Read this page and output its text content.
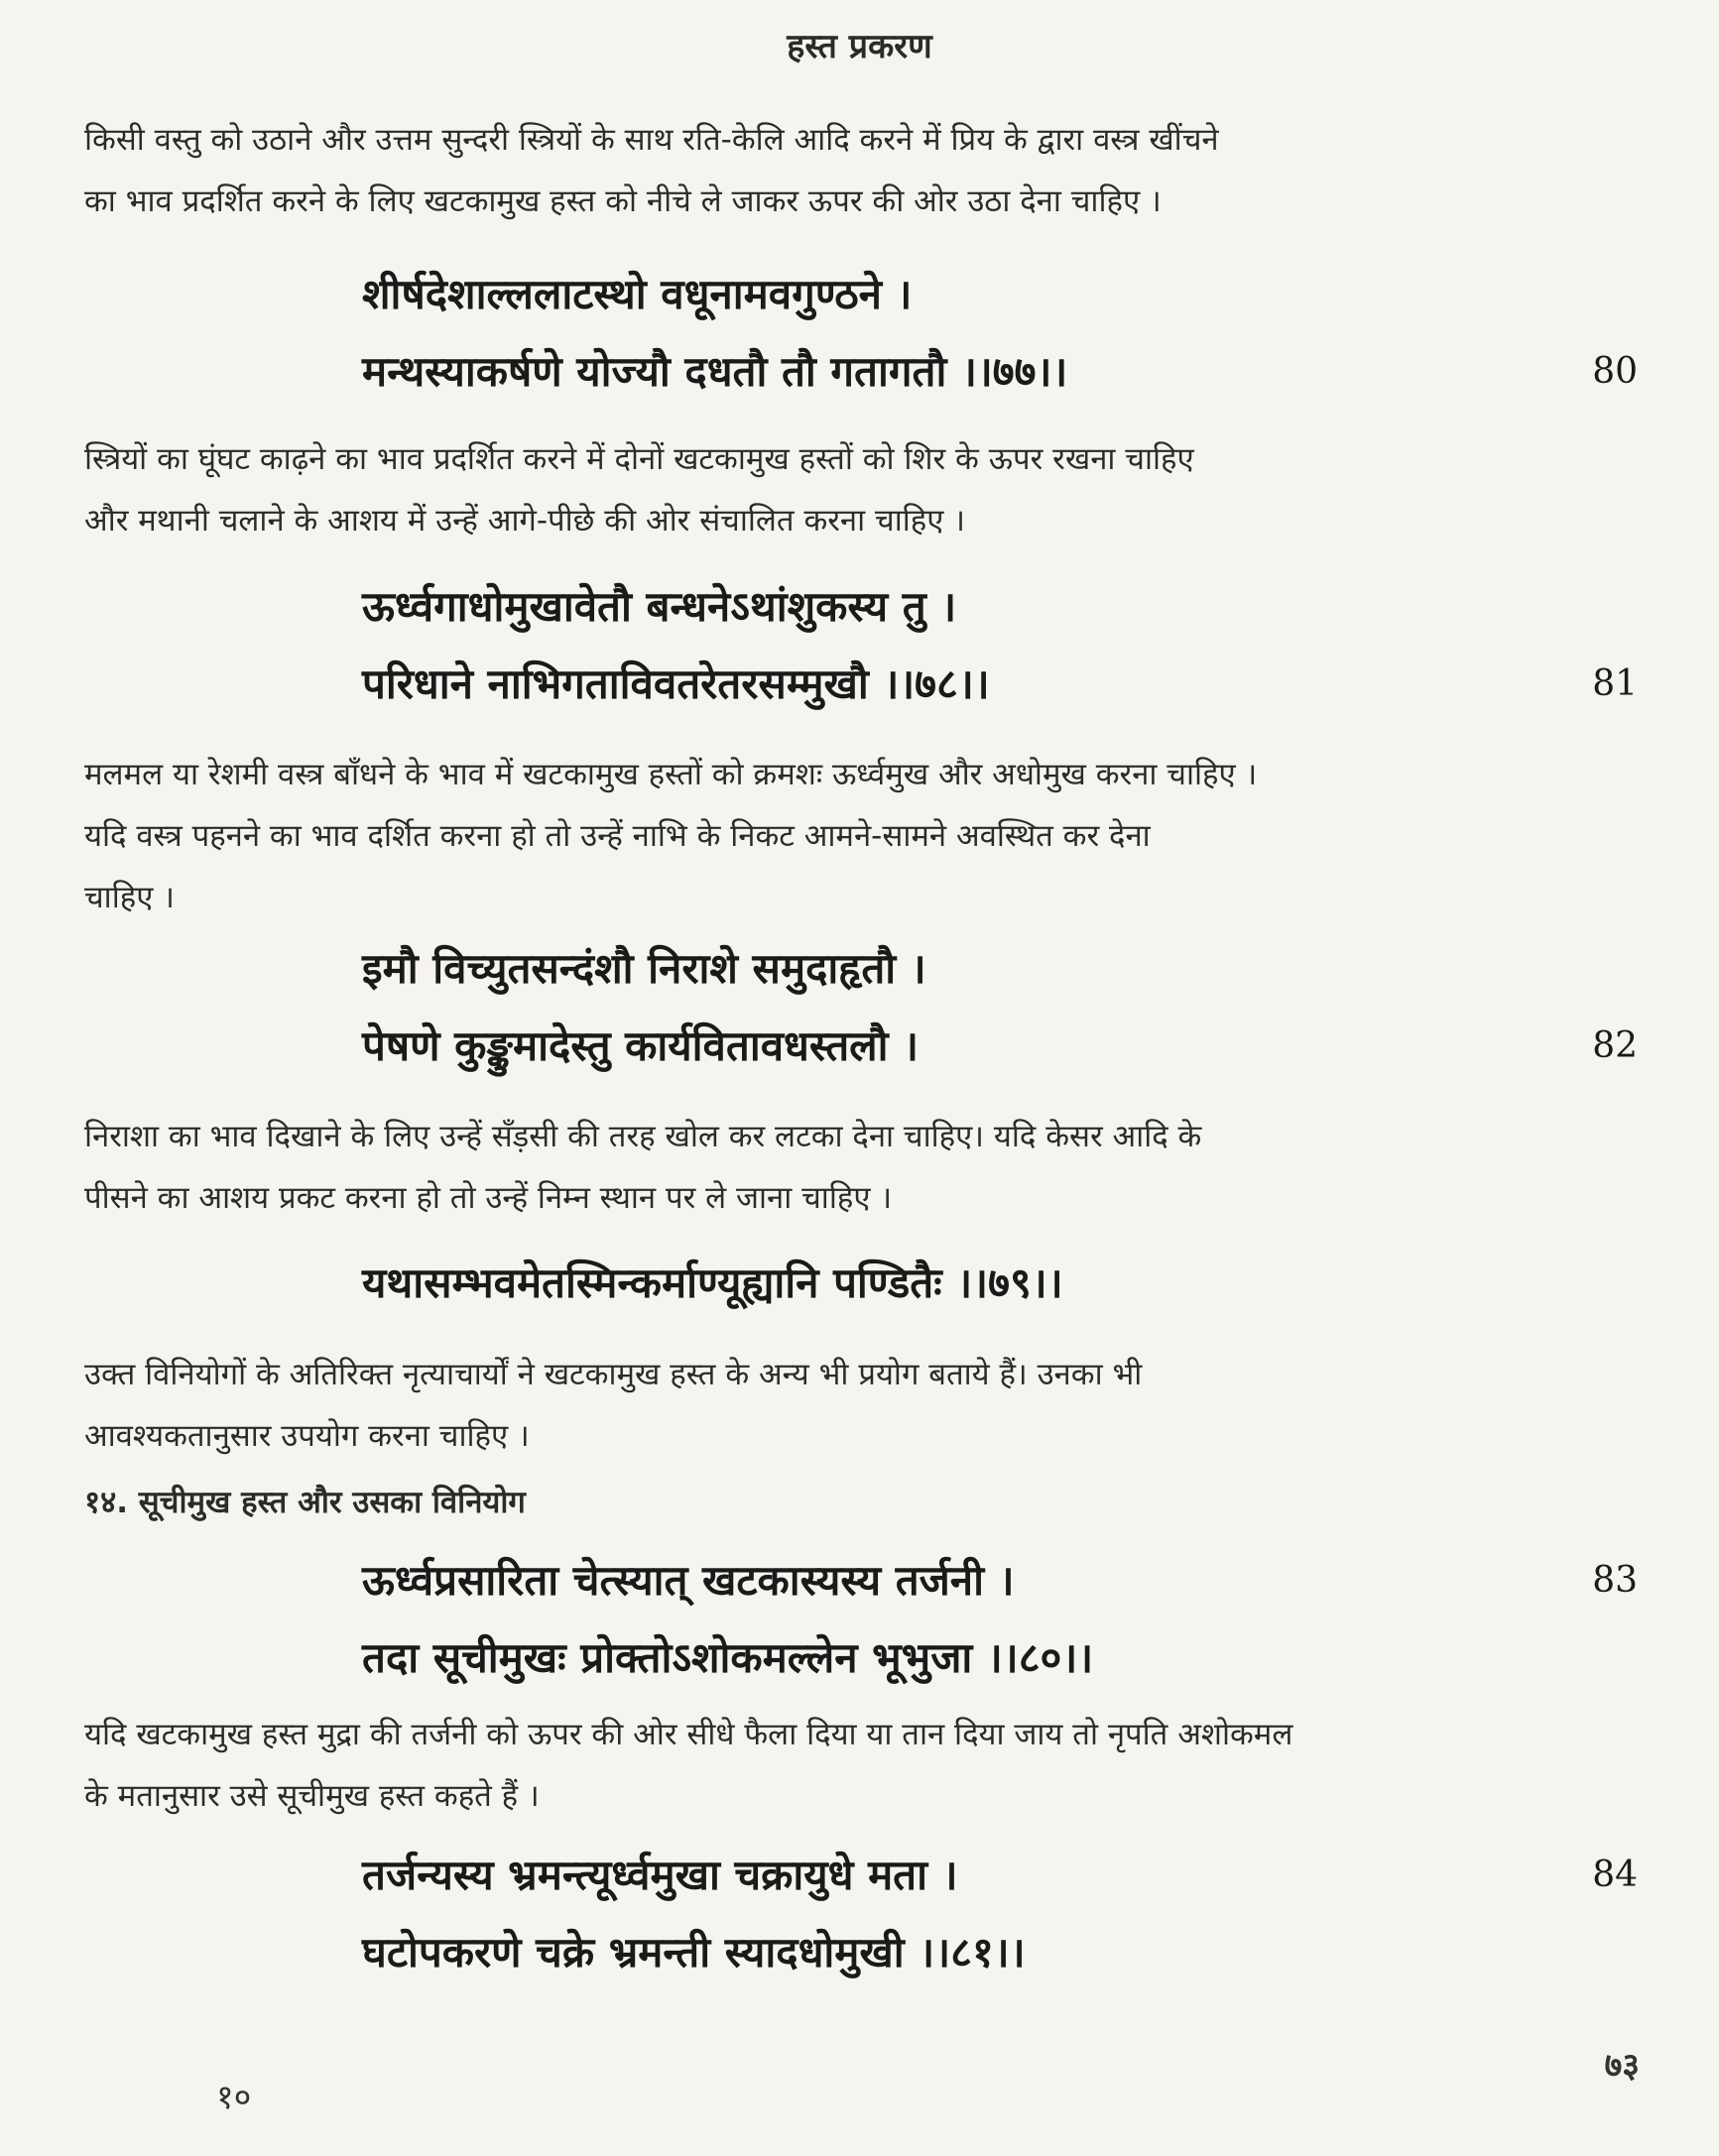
हस्त प्रकरण
किसी वस्तु को उठाने और उत्तम सुन्दरी स्त्रियों के साथ रति-केलि आदि करने में प्रिय के द्वारा वस्त्र खींचने
का भाव प्रदर्शित करने के लिए खटकामुख हस्त को नीचे ले जाकर ऊपर की ओर उठा देना चाहिए ।
शीर्षदेशाल्ललाटस्थो वधूनामवगुण्ठने ।
मन्थस्याकर्षणे योज्यौ दधतौ तौ गतागतौ ।।७७।।	80
स्त्रियों का घूंघट काढ़ने का भाव प्रदर्शित करने में दोनों खटकामुख हस्तों को शिर के ऊपर रखना चाहिए
और मथानी चलाने के आशय में उन्हें आगे-पीछे की ओर संचालित करना चाहिए ।
ऊर्ध्वगाधोमुखावेतौ बन्धनेऽथांशुकस्य तु ।
परिधाने नाभिगताविवतरेतरसम्मुखौ ।।७८।।	81
मलमल या रेशमी वस्त्र बाँधने के भाव में खटकामुख हस्तों को क्रमशः ऊर्ध्वमुख और अधोमुख करना चाहिए ।
यदि वस्त्र पहनने का भाव दर्शित करना हो तो उन्हें नाभि के निकट आमने-सामने अवस्थित कर देना
चाहिए ।
इमौ विच्युतसन्दंशौ निराशे समुदाहृतौ ।
पेषणे कुङ्कुमादेस्तु कार्यवितावधस्तलौ ।	82
निराशा का भाव दिखाने के लिए उन्हें सँड़सी की तरह खोल कर लटका देना चाहिए। यदि केसर आदि के
पीसने का आशय प्रकट करना हो तो उन्हें निम्न स्थान पर ले जाना चाहिए ।
यथासम्भवमेतस्मिन्कर्माण्यूह्यानि पण्डितैः ।।७९।।
उक्त विनियोगों के अतिरिक्त नृत्याचार्यों ने खटकामुख हस्त के अन्य भी प्रयोग बताये हैं। उनका भी
आवश्यकतानुसार उपयोग करना चाहिए ।
१४. सूचीमुख हस्त और उसका विनियोग
ऊर्ध्वप्रसारिता चेत्स्यात् खटकास्यस्य तर्जनी ।	83
तदा सूचीमुखः प्रोक्तोऽशोकमल्लेन भूभुजा ।।८०।।
यदि खटकामुख हस्त मुद्रा की तर्जनी को ऊपर की ओर सीधे फैला दिया या तान दिया जाय तो नृपति अशोकमल
के मतानुसार उसे सूचीमुख हस्त कहते हैं ।
तर्जन्यस्य भ्रमन्त्यूर्ध्वमुखा चक्रायुधे मता ।	84
घटोपकरणे चक्रे भ्रमन्ती स्यादधोमुखी ।।८१।।
१०
७३
